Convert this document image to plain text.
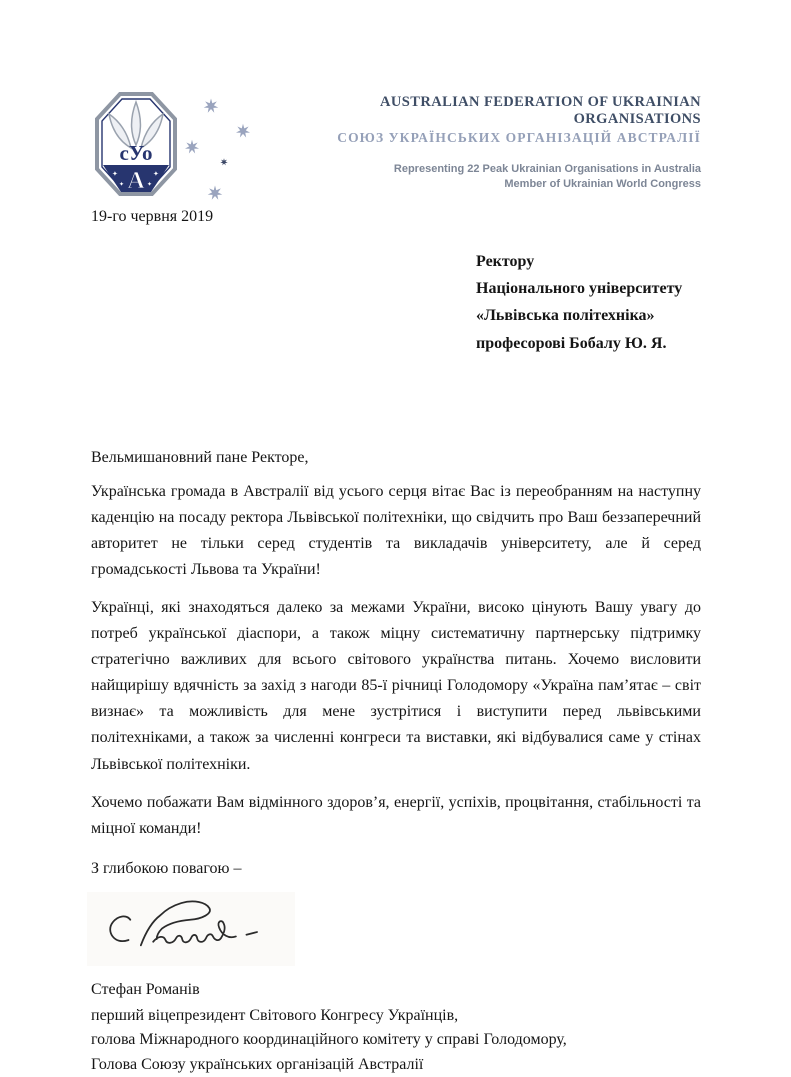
сУо
✦
✦
✦
✦
А
AUSTRALIAN FEDERATION OF UKRAINIAN ORGANISATIONS
СОЮЗ УКРАЇНСЬКИХ ОРГАНІЗАЦІЙ АВСТРАЛІЇ
Representing 22 Peak Ukrainian Organisations in Australia
Member of Ukrainian World Congress
19-го червня 2019
Ректору
Національного університету
«Львівська політехніка»
професорові Бобалу Ю. Я.
Вельмишановний пане Ректоре,

Українська громада в Австралії від усього серця вітає Вас із переобранням на наступну каденцію на посаду ректора Львівської політехніки, що свідчить про Ваш беззаперечний авторитет не тільки серед студентів та викладачів університету, але й серед громадськості Львова та України!

Українці, які знаходяться далеко за межами України, високо цінують Вашу увагу до потреб української діаспори, а також міцну систематичну партнерську підтримку стратегічно важливих для всього світового українства питань. Хочемо висловити найщирішу вдячність за захід з нагоди 85-ї річниці Голодомору «Україна пам’ятає – світ визнає» та можливість для мене зустрітися і виступити перед львівськими політехніками, а також за численні конгреси та виставки, які відбувалися саме у стінах Львівської політехніки.

Хочемо побажати Вам відмінного здоров’я, енергії, успіхів, процвітання, стабільності та міцної команди!

З глибокою повагою –
Стефан Романів
перший віцепрезидент Світового Конгресу Українців,
голова Міжнародного координаційного комітету у справі Голодомору,
Голова Союзу українських організацій Австралії
